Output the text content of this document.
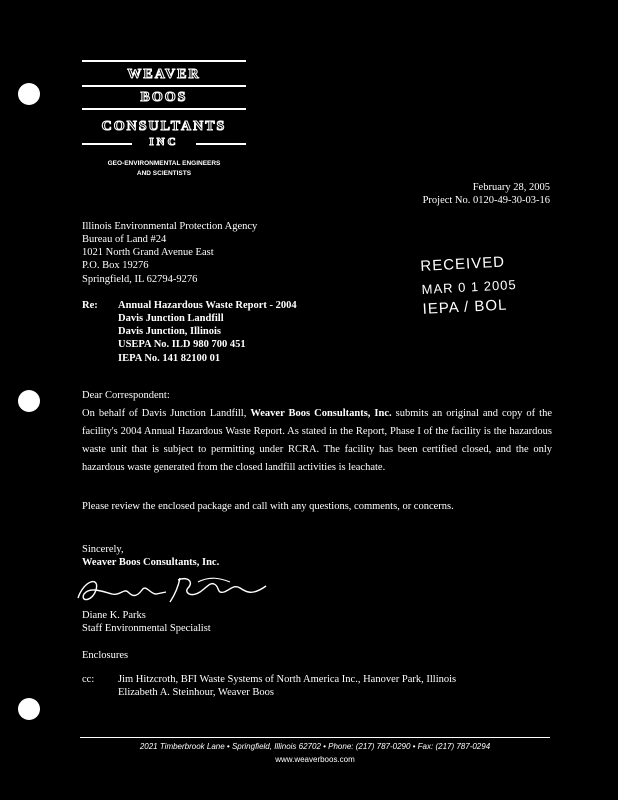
WEAVER
BOOS
CONSULTANTS
INC
GEO-ENVIRONMENTAL ENGINEERS
AND SCIENTISTS
February 28, 2005
Project No. 0120-49-30-03-16
Illinois Environmental Protection Agency
Bureau of Land #24
1021 North Grand Avenue East
P.O. Box 19276
Springfield, IL 62794-9276
RECEIVED
MAR 0 1 2005
IEPA / BOL
Re: Annual Hazardous Waste Report - 2004
Davis Junction Landfill
Davis Junction, Illinois
USEPA No. ILD 980 700 451
IEPA No. 141 82100 01
Dear Correspondent:
On behalf of Davis Junction Landfill, Weaver Boos Consultants, Inc. submits an original and copy of the facility's 2004 Annual Hazardous Waste Report. As stated in the Report, Phase I of the facility is the hazardous waste unit that is subject to permitting under RCRA. The facility has been certified closed, and the only hazardous waste generated from the closed landfill activities is leachate.
Please review the enclosed package and call with any questions, comments, or concerns.
Sincerely,
Weaver Boos Consultants, Inc.
Diane K. Parks
Staff Environmental Specialist
Enclosures
cc: Jim Hitzcroth, BFI Waste Systems of North America Inc., Hanover Park, Illinois
Elizabeth A. Steinhour, Weaver Boos
2021 Timberbrook Lane • Springfield, Illinois 62702 • Phone: (217) 787-0290 • Fax: (217) 787-0294
www.weaverboos.com
